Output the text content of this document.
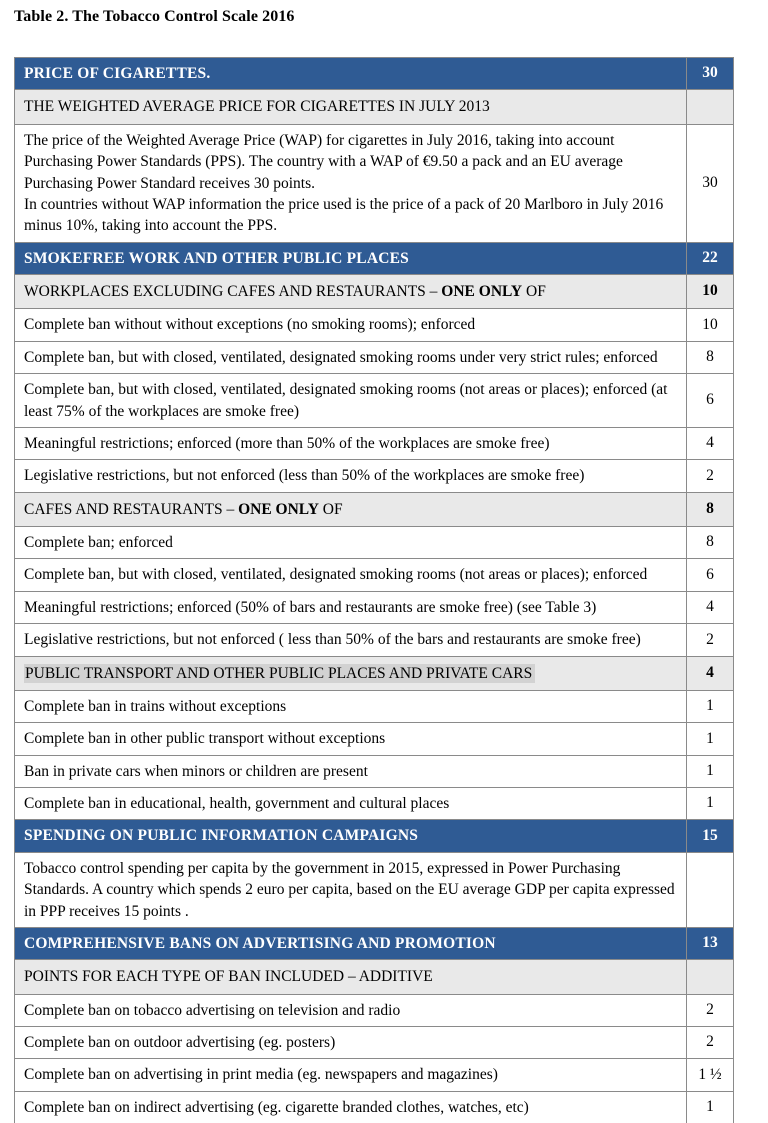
Table 2. The Tobacco Control Scale 2016
PRICE OF CIGARETTES.	30
THE WEIGHTED AVERAGE PRICE FOR CIGARETTES IN JULY 2013
The price of the Weighted Average Price (WAP) for cigarettes in July 2016, taking into account Purchasing Power Standards (PPS). The country with a WAP of €9.50 a pack and an EU average Purchasing Power Standard receives 30 points.
In countries without WAP information the price used is the price of a pack of 20 Marlboro in July 2016 minus 10%, taking into account the PPS.
30
SMOKEFREE WORK AND OTHER PUBLIC PLACES	22
WORKPLACES EXCLUDING CAFES AND RESTAURANTS – ONE ONLY OF	10
Complete ban without without exceptions (no smoking rooms); enforced	10
Complete ban, but with closed, ventilated, designated smoking rooms under very strict rules; enforced	8
Complete ban, but with closed, ventilated, designated smoking rooms (not areas or places); enforced (at least 75% of the workplaces are smoke free)
6
Meaningful restrictions; enforced (more than 50% of the workplaces are smoke free)	4
Legislative restrictions, but not enforced (less than 50% of the workplaces are smoke free)	2
CAFES AND RESTAURANTS – ONE ONLY OF	8
Complete ban; enforced	8
Complete ban, but with closed, ventilated, designated smoking rooms (not areas or places); enforced	6
Meaningful restrictions; enforced (50% of bars and restaurants are smoke free) (see Table 3)	4
Legislative restrictions, but not enforced ( less than 50% of the bars and restaurants are smoke free)	2
PUBLIC TRANSPORT AND OTHER PUBLIC PLACES AND PRIVATE CARS	4
Complete ban in trains without exceptions	1
Complete ban in other public transport without exceptions	1
Ban in private cars when minors or children are present	1
Complete ban in educational, health, government and cultural places	1
SPENDING ON PUBLIC INFORMATION CAMPAIGNS	15
Tobacco control spending per capita by the government in 2015, expressed in Power Purchasing Standards. A country which spends 2 euro per capita, based on the EU average GDP per capita expressed in PPP receives 15 points .
COMPREHENSIVE BANS ON ADVERTISING AND PROMOTION	13
POINTS FOR EACH TYPE OF BAN INCLUDED – ADDITIVE
Complete ban on tobacco advertising on television and radio	2
Complete ban on outdoor advertising (eg. posters)	2
Complete ban on advertising in print media (eg. newspapers and magazines)	1 ½
Complete ban on indirect advertising (eg. cigarette branded clothes, watches, etc)	1
